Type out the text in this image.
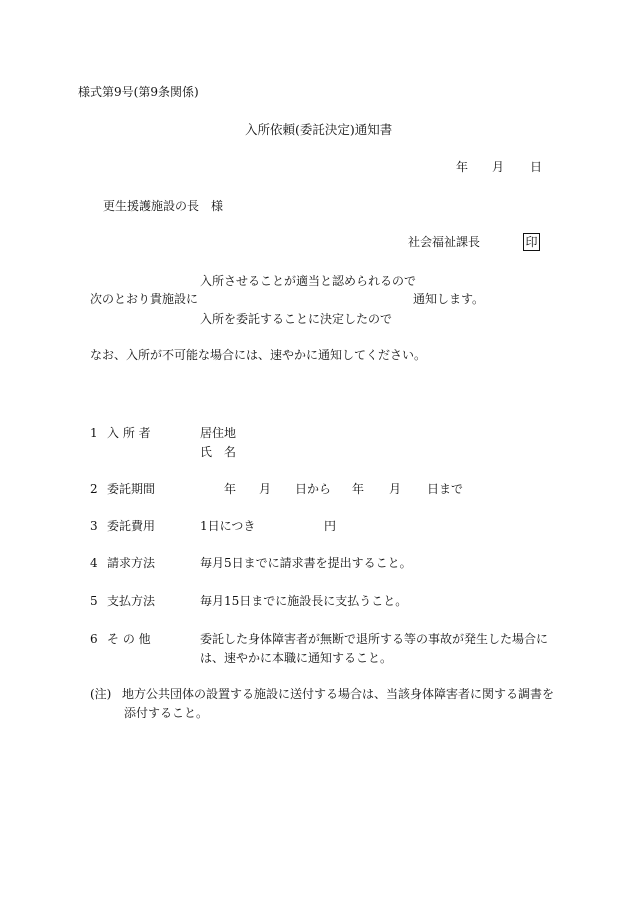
様式第9号(第9条関係)
入所依頼(委託決定)通知書
年 月 日
更生援護施設の長　様
社会福祉課長	印
入所させることが適当と認められるので
次のとおり貴施設に	通知します。
入所を委託することに決定したので
なお、入所が不可能な場合には、速やかに通知してください。
1 入 所 者	居住地
氏　名
2 委託期間	年 月 日から 年 月 日まで
3 委託費用	1日につき	円
4 請求方法	毎月5日までに請求書を提出すること。
5 支払方法	毎月15日までに施設長に支払うこと。
6 そ の 他	委託した身体障害者が無断で退所する等の事故が発生した場合に
は、速やかに本職に通知すること。
(注) 地方公共団体の設置する施設に送付する場合は、当該身体障害者に関する調書を
添付すること。
